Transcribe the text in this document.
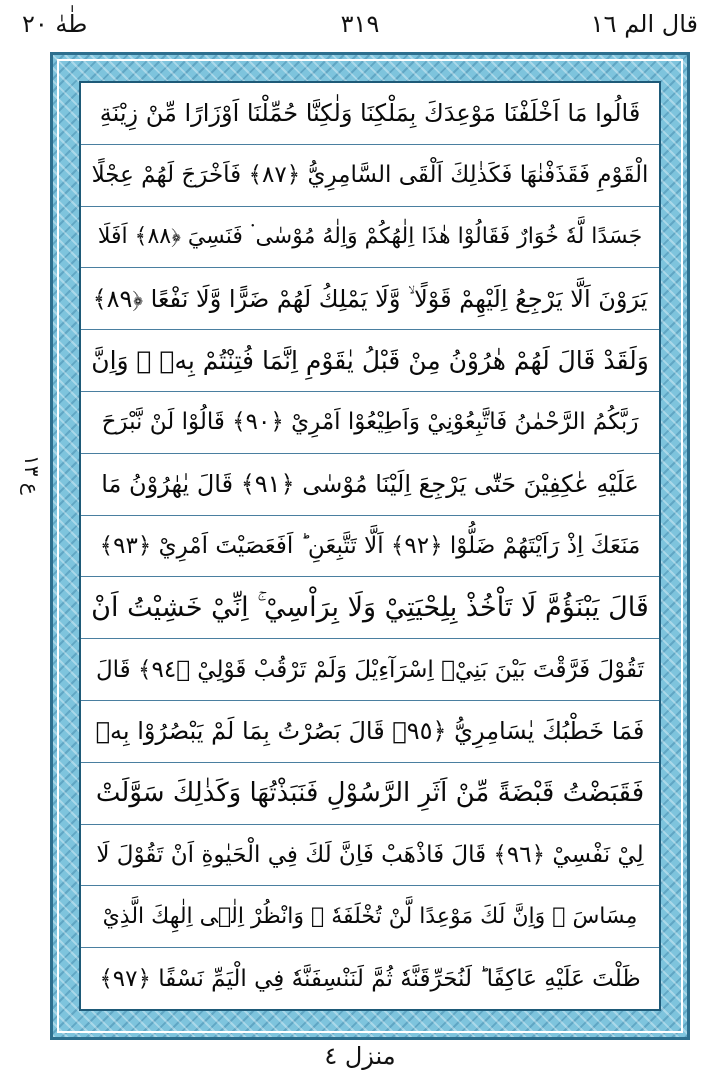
طٰهٰ ٢٠	٣١٩	قال الم ١٦
ع ١٣
قَالُوا مَا اَخْلَفْنَا مَوْعِدَكَ بِمَلْكِنَا وَلٰكِنَّا حُمِّلْنَا اَوْزَارًا مِّنْ زِيْنَةِ
الْقَوْمِ فَقَذَفْنٰهَا فَكَذٰلِكَ اَلْقَى السَّامِرِيُّ ﴿٨٧﴾ فَاَخْرَجَ لَهُمْ عِجْلًا
جَسَدًا لَّهٗ خُوَارٌ فَقَالُوْا هٰذَا اِلٰهُكُمْ وَاِلٰهُ مُوْسٰى ۬ فَنَسِيَ ﴿٨٨﴾ اَفَلَا
يَرَوْنَ اَلَّا يَرْجِعُ اِلَيْهِمْ قَوْلًا ۙ وَّلَا يَمْلِكُ لَهُمْ ضَرًّا وَّلَا نَفْعًا ﴿٨٩﴾
وَلَقَدْ قَالَ لَهُمْ هٰرُوْنُ مِنْ قَبْلُ يٰقَوْمِ اِنَّمَا فُتِنْتُمْ بِهٖ ۚ وَاِنَّ
رَبَّكُمُ الرَّحْمٰنُ فَاتَّبِعُوْنِيْ وَاَطِيْعُوْا اَمْرِيْ ﴿٩٠﴾ قَالُوْا لَنْ نَّبْرَحَ
عَلَيْهِ عٰكِفِيْنَ حَتّٰى يَرْجِعَ اِلَيْنَا مُوْسٰى ﴿٩١﴾ قَالَ يٰهٰرُوْنُ مَا
مَنَعَكَ اِذْ رَاَيْتَهُمْ ضَلُّوْا ﴿٩٢﴾ اَلَّا تَتَّبِعَنِ ؕ اَفَعَصَيْتَ اَمْرِيْ ﴿٩٣﴾
قَالَ يَبْنَؤُمَّ لَا تَاْخُذْ بِلِحْيَتِيْ وَلَا بِرَاْسِيْ ۚ اِنِّيْ خَشِيْتُ اَنْ
تَقُوْلَ فَرَّقْتَ بَيْنَ بَنِيْۤ اِسْرَآءِيْلَ وَلَمْ تَرْقُبْ قَوْلِيْ ﴿٩٤﴾ قَالَ
فَمَا خَطْبُكَ يٰسَامِرِيُّ ﴿٩٥﴾ قَالَ بَصُرْتُ بِمَا لَمْ يَبْصُرُوْا بِهٖ
فَقَبَضْتُ قَبْضَةً مِّنْ اَثَرِ الرَّسُوْلِ فَنَبَذْتُهَا وَكَذٰلِكَ سَوَّلَتْ
لِيْ نَفْسِيْ ﴿٩٦﴾ قَالَ فَاذْهَبْ فَاِنَّ لَكَ فِي الْحَيٰوةِ اَنْ تَقُوْلَ لَا
مِسَاسَ ۪ وَاِنَّ لَكَ مَوْعِدًا لَّنْ تُخْلَفَهٗ ۚ وَانْظُرْ اِلٰۤى اِلٰهِكَ الَّذِيْ
ظَلْتَ عَلَيْهِ عَاكِفًا ؕ لَنُحَرِّقَنَّهٗ ثُمَّ لَنَنْسِفَنَّهٗ فِي الْيَمِّ نَسْفًا ﴿٩٧﴾
منزل ٤
